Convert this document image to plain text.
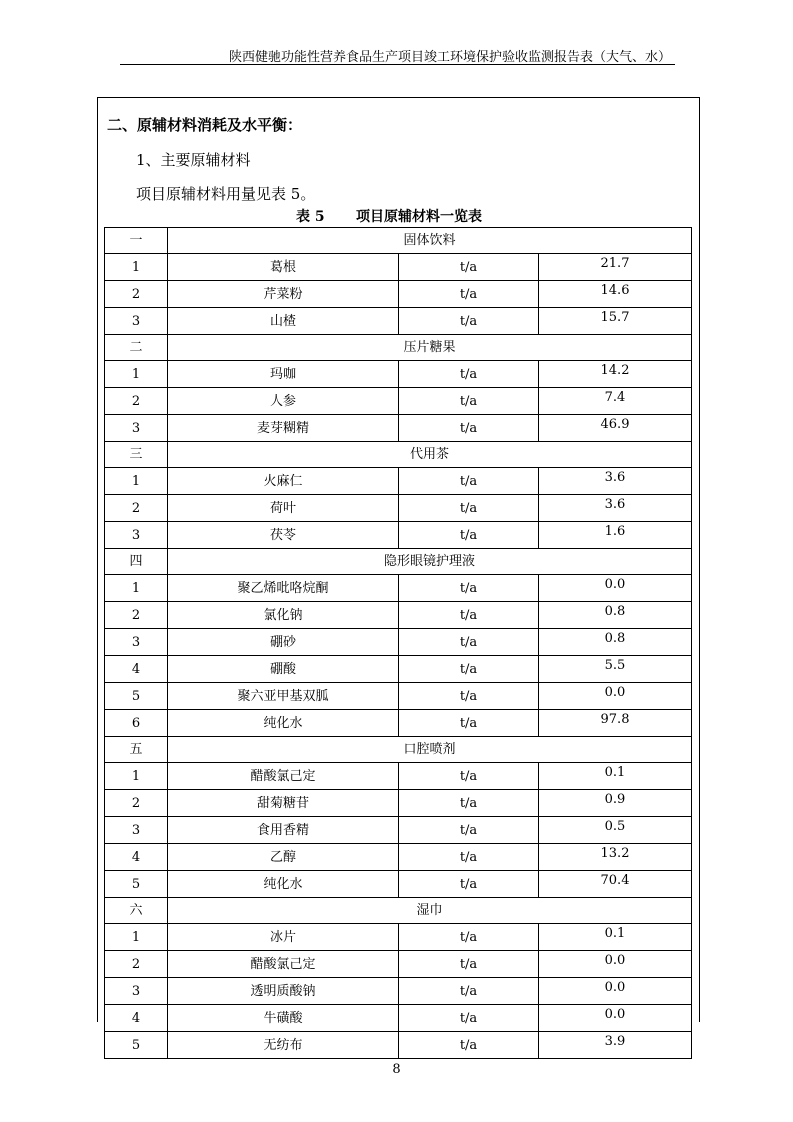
陕西健驰功能性营养食品生产项目竣工环境保护验收监测报告表（大气、水）
二、原辅材料消耗及水平衡：
1、主要原辅材料
项目原辅材料用量见表 5。
表 5 项目原辅材料一览表
一	固体饮料		
1	葛根	t/a	21.7
2	芹菜粉	t/a	14.6
3	山楂	t/a	15.7
二	压片糖果		
1	玛咖	t/a	14.2
2	人参	t/a	7.4
3	麦芽糊精	t/a	46.9
三	代用茶		
1	火麻仁	t/a	3.6
2	荷叶	t/a	3.6
3	茯苓	t/a	1.6
四	隐形眼镜护理液		
1	聚乙烯吡咯烷酮	t/a	0.0
2	氯化钠	t/a	0.8
3	硼砂	t/a	0.8
4	硼酸	t/a	5.5
5	聚六亚甲基双胍	t/a	0.0
6	纯化水	t/a	97.8
五	口腔喷剂		
1	醋酸氯己定	t/a	0.1
2	甜菊糖苷	t/a	0.9
3	食用香精	t/a	0.5
4	乙醇	t/a	13.2
5	纯化水	t/a	70.4
六	湿巾		
1	冰片	t/a	0.1
2	醋酸氯己定	t/a	0.0
3	透明质酸钠	t/a	0.0
4	牛磺酸	t/a	0.0
5	无纺布	t/a	3.9
8
